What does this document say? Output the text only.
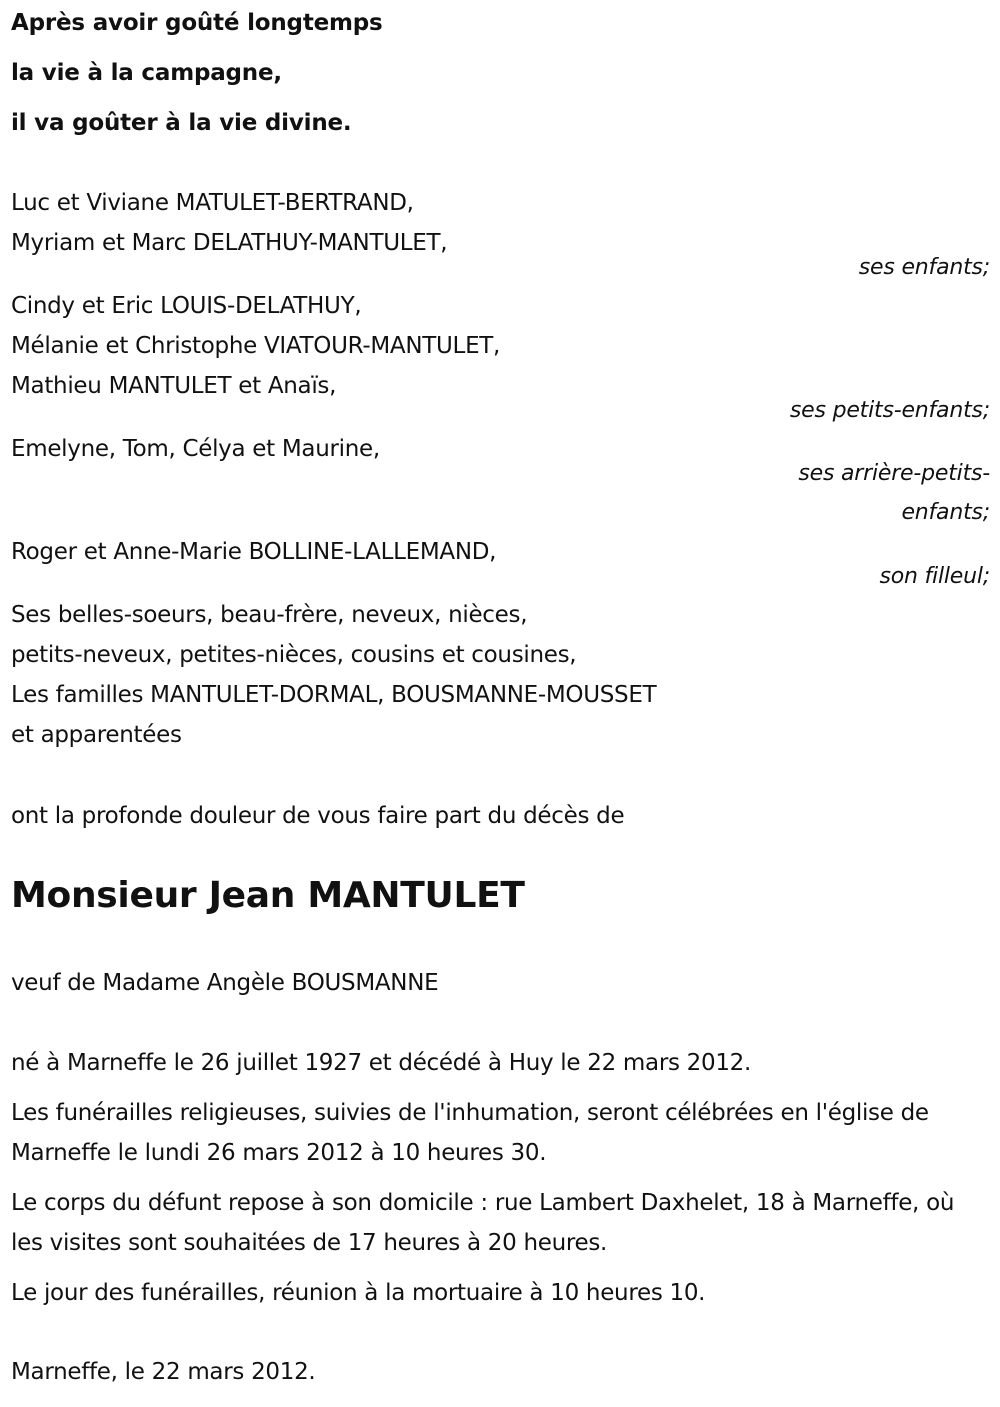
Après avoir goûté longtemps
la vie à la campagne,
il va goûter à la vie divine.
Luc et Viviane MATULET-BERTRAND,
Myriam et Marc DELATHUY-MANTULET,
ses enfants;
Cindy et Eric LOUIS-DELATHUY,
Mélanie et Christophe VIATOUR-MANTULET,
Mathieu MANTULET et Anaïs,
ses petits-enfants;
Emelyne, Tom, Célya et Maurine,
ses arrière-petits-
enfants;
Roger et Anne-Marie BOLLINE-LALLEMAND,
son filleul;
Ses belles-soeurs, beau-frère, neveux, nièces,
petits-neveux, petites-nièces, cousins et cousines,
Les familles MANTULET-DORMAL, BOUSMANNE-MOUSSET
et apparentées
ont la profonde douleur de vous faire part du décès de
Monsieur Jean MANTULET
veuf de Madame Angèle BOUSMANNE
né à Marneffe le 26 juillet 1927 et décédé à Huy le 22 mars 2012.
Les funérailles religieuses, suivies de l'inhumation, seront célébrées en l'église de Marneffe le lundi 26 mars 2012 à 10 heures 30.
Le corps du défunt repose à son domicile : rue Lambert Daxhelet, 18 à Marneffe, où les visites sont souhaitées de 17 heures à 20 heures.
Le jour des funérailles, réunion à la mortuaire à 10 heures 10.
Marneffe, le 22 mars 2012.
